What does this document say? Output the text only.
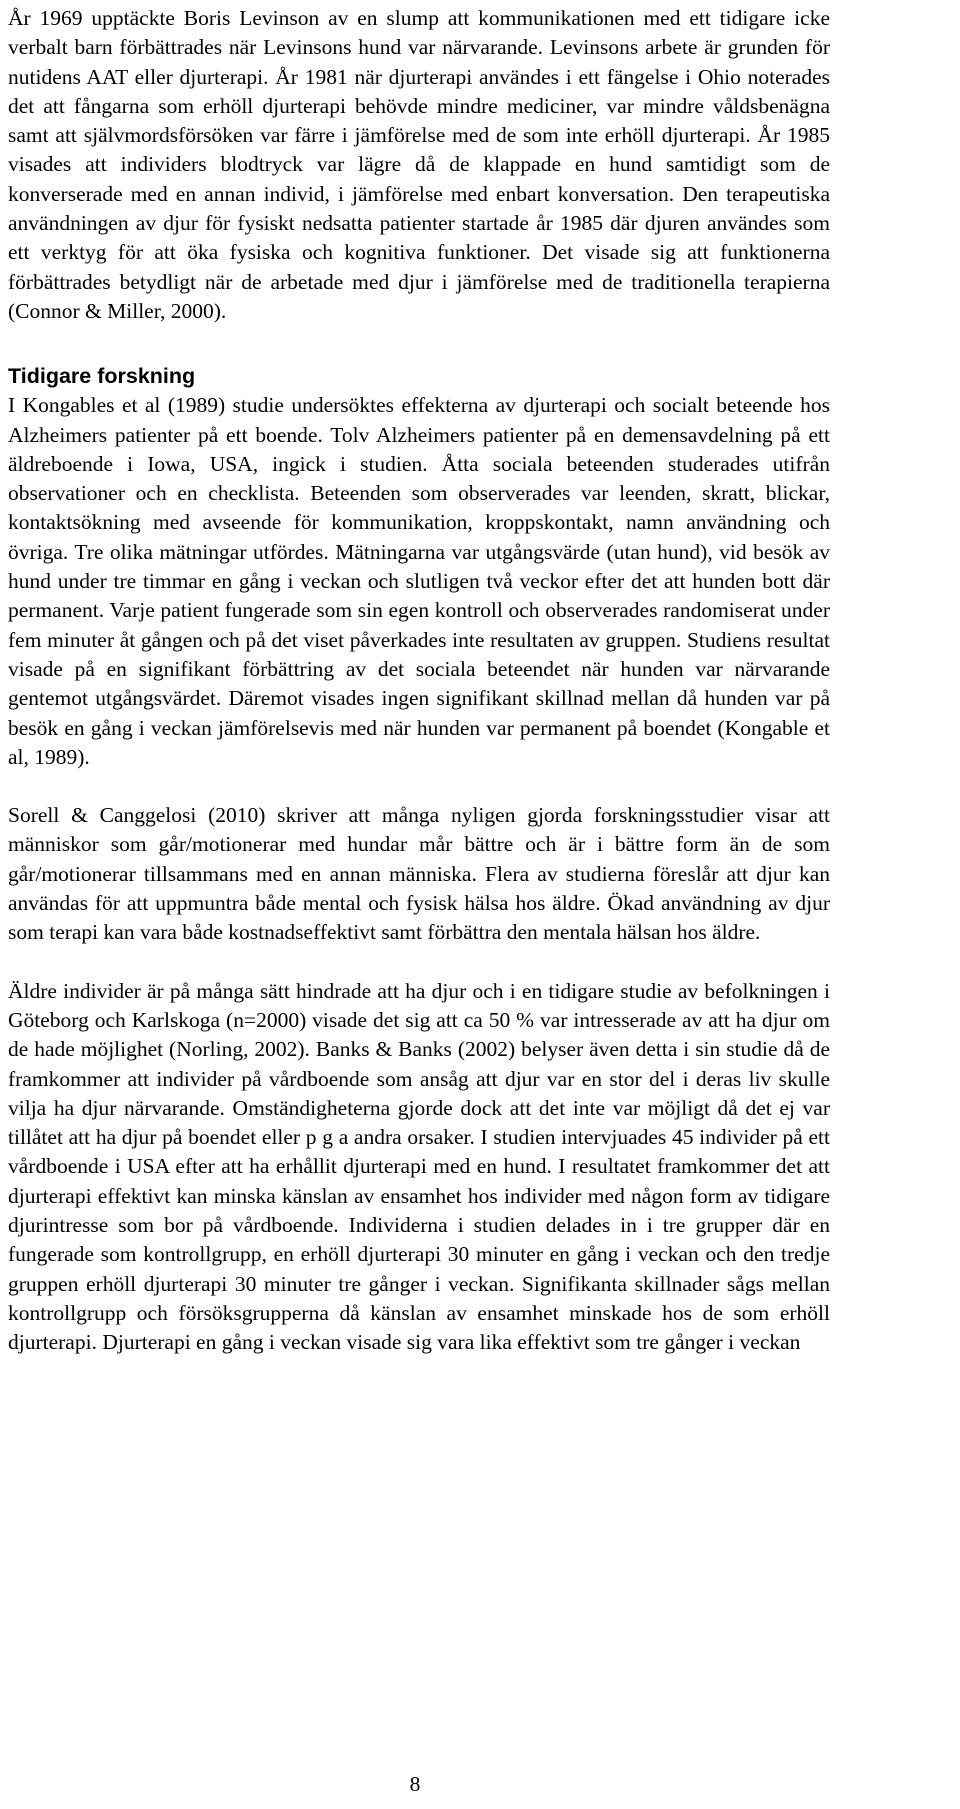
År 1969 upptäckte Boris Levinson av en slump att kommunikationen med ett tidigare icke verbalt barn förbättrades när Levinsons hund var närvarande. Levinsons arbete är grunden för nutidens AAT eller djurterapi. År 1981 när djurterapi användes i ett fängelse i Ohio noterades det att fångarna som erhöll djurterapi behövde mindre mediciner, var mindre våldsbenägna samt att självmordsförsöken var färre i jämförelse med de som inte erhöll djurterapi. År 1985 visades att individers blodtryck var lägre då de klappade en hund samtidigt som de konverserade med en annan individ, i jämförelse med enbart konversation. Den terapeutiska användningen av djur för fysiskt nedsatta patienter startade år 1985 där djuren användes som ett verktyg för att öka fysiska och kognitiva funktioner. Det visade sig att funktionerna förbättrades betydligt när de arbetade med djur i jämförelse med de traditionella terapierna (Connor & Miller, 2000).

Tidigare forskning

I Kongables et al (1989) studie undersöktes effekterna av djurterapi och socialt beteende hos Alzheimers patienter på ett boende. Tolv Alzheimers patienter på en demensavdelning på ett äldreboende i Iowa, USA, ingick i studien. Åtta sociala beteenden studerades utifrån observationer och en checklista. Beteenden som observerades var leenden, skratt, blickar, kontaktsökning med avseende för kommunikation, kroppskontakt, namn användning och övriga. Tre olika mätningar utfördes. Mätningarna var utgångsvärde (utan hund), vid besök av hund under tre timmar en gång i veckan och slutligen två veckor efter det att hunden bott där permanent. Varje patient fungerade som sin egen kontroll och observerades randomiserat under fem minuter åt gången och på det viset påverkades inte resultaten av gruppen. Studiens resultat visade på en signifikant förbättring av det sociala beteendet när hunden var närvarande gentemot utgångsvärdet. Däremot visades ingen signifikant skillnad mellan då hunden var på besök en gång i veckan jämförelsevis med när hunden var permanent på boendet (Kongable et al, 1989).

Sorell & Canggelosi (2010) skriver att många nyligen gjorda forskningsstudier visar att människor som går/motionerar med hundar mår bättre och är i bättre form än de som går/motionerar tillsammans med en annan människa. Flera av studierna föreslår att djur kan användas för att uppmuntra både mental och fysisk hälsa hos äldre. Ökad användning av djur som terapi kan vara både kostnadseffektivt samt förbättra den mentala hälsan hos äldre.

Äldre individer är på många sätt hindrade att ha djur och i en tidigare studie av befolkningen i Göteborg och Karlskoga (n=2000) visade det sig att ca 50 % var intresserade av att ha djur om de hade möjlighet (Norling, 2002). Banks & Banks (2002) belyser även detta i sin studie då de framkommer att individer på vårdboende som ansåg att djur var en stor del i deras liv skulle vilja ha djur närvarande. Omständigheterna gjorde dock att det inte var möjligt då det ej var tillåtet att ha djur på boendet eller p g a andra orsaker. I studien intervjuades 45 individer på ett vårdboende i USA efter att ha erhållit djurterapi med en hund. I resultatet framkommer det att djurterapi effektivt kan minska känslan av ensamhet hos individer med någon form av tidigare djurintresse som bor på vårdboende. Individerna i studien delades in i tre grupper där en fungerade som kontrollgrupp, en erhöll djurterapi 30 minuter en gång i veckan och den tredje gruppen erhöll djurterapi 30 minuter tre gånger i veckan. Signifikanta skillnader sågs mellan kontrollgrupp och försöksgrupperna då känslan av ensamhet minskade hos de som erhöll djurterapi. Djurterapi en gång i veckan visade sig vara lika effektivt som tre gånger i veckan

8
